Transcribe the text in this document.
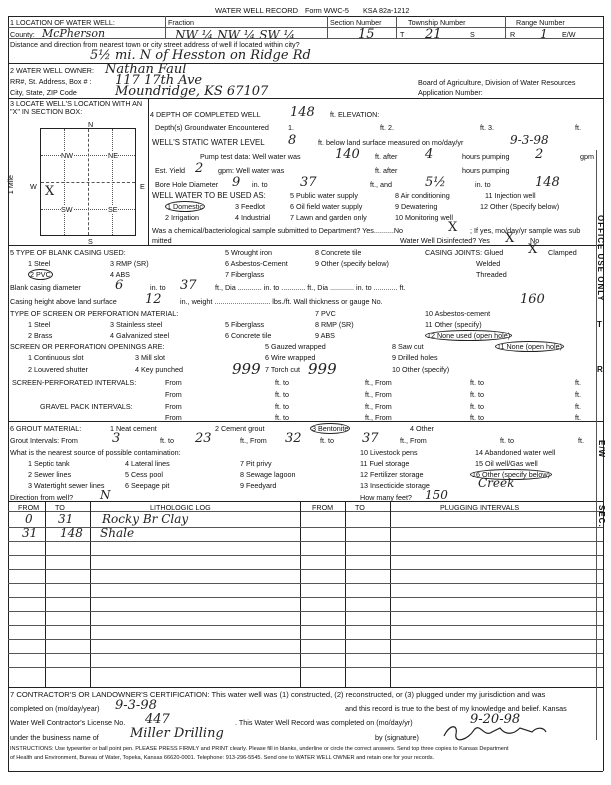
WATER WELL RECORD Form WWC-5 KSA 82a-1212
1 LOCATION OF WATER WELL:	Fraction	Section Number	Township Number	Range Number
County: McPherson	NW ¼ NW ¼ SW ¼	15	T 21	S	R 1 E/W
Distance and direction from nearest town or city street address of well if located within city?
5½ mi. N of Hesston on Ridge Rd
2 WATER WELL OWNER: Nathan Faul
RR#, St. Address, Box # : 117 17th Ave
City, State, ZIP Code	Moundridge, KS 67107
Board of Agriculture, Division of Water Resources
Application Number:
3 LOCATE WELL'S LOCATION WITH AN "X" IN SECTION BOX:
N
S
W	E
1 Mile
NW	NE
SW	SE
X
4 DEPTH OF COMPLETED WELL 148 ft. ELEVATION:
Depth(s) Groundwater Encountered	1.	ft. 2.	ft. 3.	ft.
WELL'S STATIC WATER LEVEL 8	ft. below land surface measured on mo/day/yr	9-3-98
Pump test data: Well water was	140 ft. after 4	hours pumping 2	gpm
Est. Yield 2 gpm: Well water was	ft. after	hours pumping
Bore Hole Diameter 9 in. to 37	ft., and	5½	in. to	148
WELL WATER TO BE USED AS:
1 Domestic
2 Irrigation
3 Feedlot
4 Industrial
5 Public water supply
6 Oil field water supply
7 Lawn and garden only
8 Air conditioning
9 Dewatering
10 Monitoring well
11 Injection well
12 Other (Specify below)
Was a chemical/bacteriological sample submitted to Department? Yes..........No	X ; If yes, mo/day/yr sample was sub
mitted	Water Well Disinfected? Yes X No
5 TYPE OF BLANK CASING USED:
1 Steel
2 PVC
3 RMP (SR)
4 ABS
5 Wrought iron
6 Asbestos-Cement
7 Fiberglass
8 Concrete tile
9 Other (specify below)
CASING JOINTS: Glued X Clamped
Welded
Threaded
Blank casing diameter	6	in. to 37	ft., Dia ............ in. to ............ ft., Dia ............ in. to ............ ft.
Casing height above land surface 12	in., weight ............................ lbs./ft. Wall thickness or gauge No.	160
TYPE OF SCREEN OR PERFORATION MATERIAL:
1 Steel
2 Brass
3 Stainless steel
4 Galvanized steel
5 Fiberglass
6 Concrete tile
7 PVC
8 RMP (SR)
9 ABS
10 Asbestos-cement
11 Other (specify)
12 None used (open hole)
SCREEN OR PERFORATION OPENINGS ARE:
1 Continuous slot
2 Louvered shutter
3 Mill slot
4 Key punched
5 Gauzed wrapped
6 Wire wrapped
7 Torch cut
8 Saw cut
9 Drilled holes
10 Other (specify)
11 None (open hole)
999	999
SCREEN-PERFORATED INTERVALS:
GRAVEL PACK INTERVALS:
From	ft. to	ft., From	ft. to	ft.
From	ft. to	ft., From	ft. to	ft.
From	ft. to	ft., From	ft. to	ft.
From	ft. to	ft., From	ft. to	ft.
6 GROUT MATERIAL:	1 Neat cement	2 Cement grout	3 Bentonite	4 Other
Grout Intervals: From	3	ft. to 23	ft., From 32	ft. to 37	ft., From	ft. to	ft.
What is the nearest source of possible contamination:
1 Septic tank
2 Sewer lines
3 Watertight sewer lines
4 Lateral lines
5 Cess pool
6 Seepage pit
7 Pit privy
8 Sewage lagoon
9 Feedyard
10 Livestock pens
11 Fuel storage
12 Fertilizer storage
13 Insecticide storage
14 Abandoned water well
15 Oil well/Gas well
16 Other (specify below)
Creek
Direction from well? N	How many feet? 150
FROM TO	LITHOLOGIC LOG	FROM	TO	PLUGGING INTERVALS
0 31 Rocky Br Clay
31 148 Shale
7 CONTRACTOR'S OR LANDOWNER'S CERTIFICATION: This water well was (1) constructed, (2) reconstructed, or (3) plugged under my jurisdiction and was
completed on (mo/day/year) 9-3-98	and this record is true to the best of my knowledge and belief. Kansas
Water Well Contractor's License No. 447	. This Water Well Record was completed on (mo/day/yr)	9-20-98
under the business name of Miller Drilling	by (signature)
INSTRUCTIONS: Use typewriter or ball point pen. PLEASE PRESS FIRMLY and PRINT clearly. Please fill in blanks, underline or circle the correct answers. Send top three copies to Kansas Department
of Health and Environment, Bureau of Water, Topeka, Kansas 66620-0001. Telephone: 913-296-5545. Send one to WATER WELL OWNER and retain one for your records.
OFFICE USE ONLY
E/W
SEC.
R
T
